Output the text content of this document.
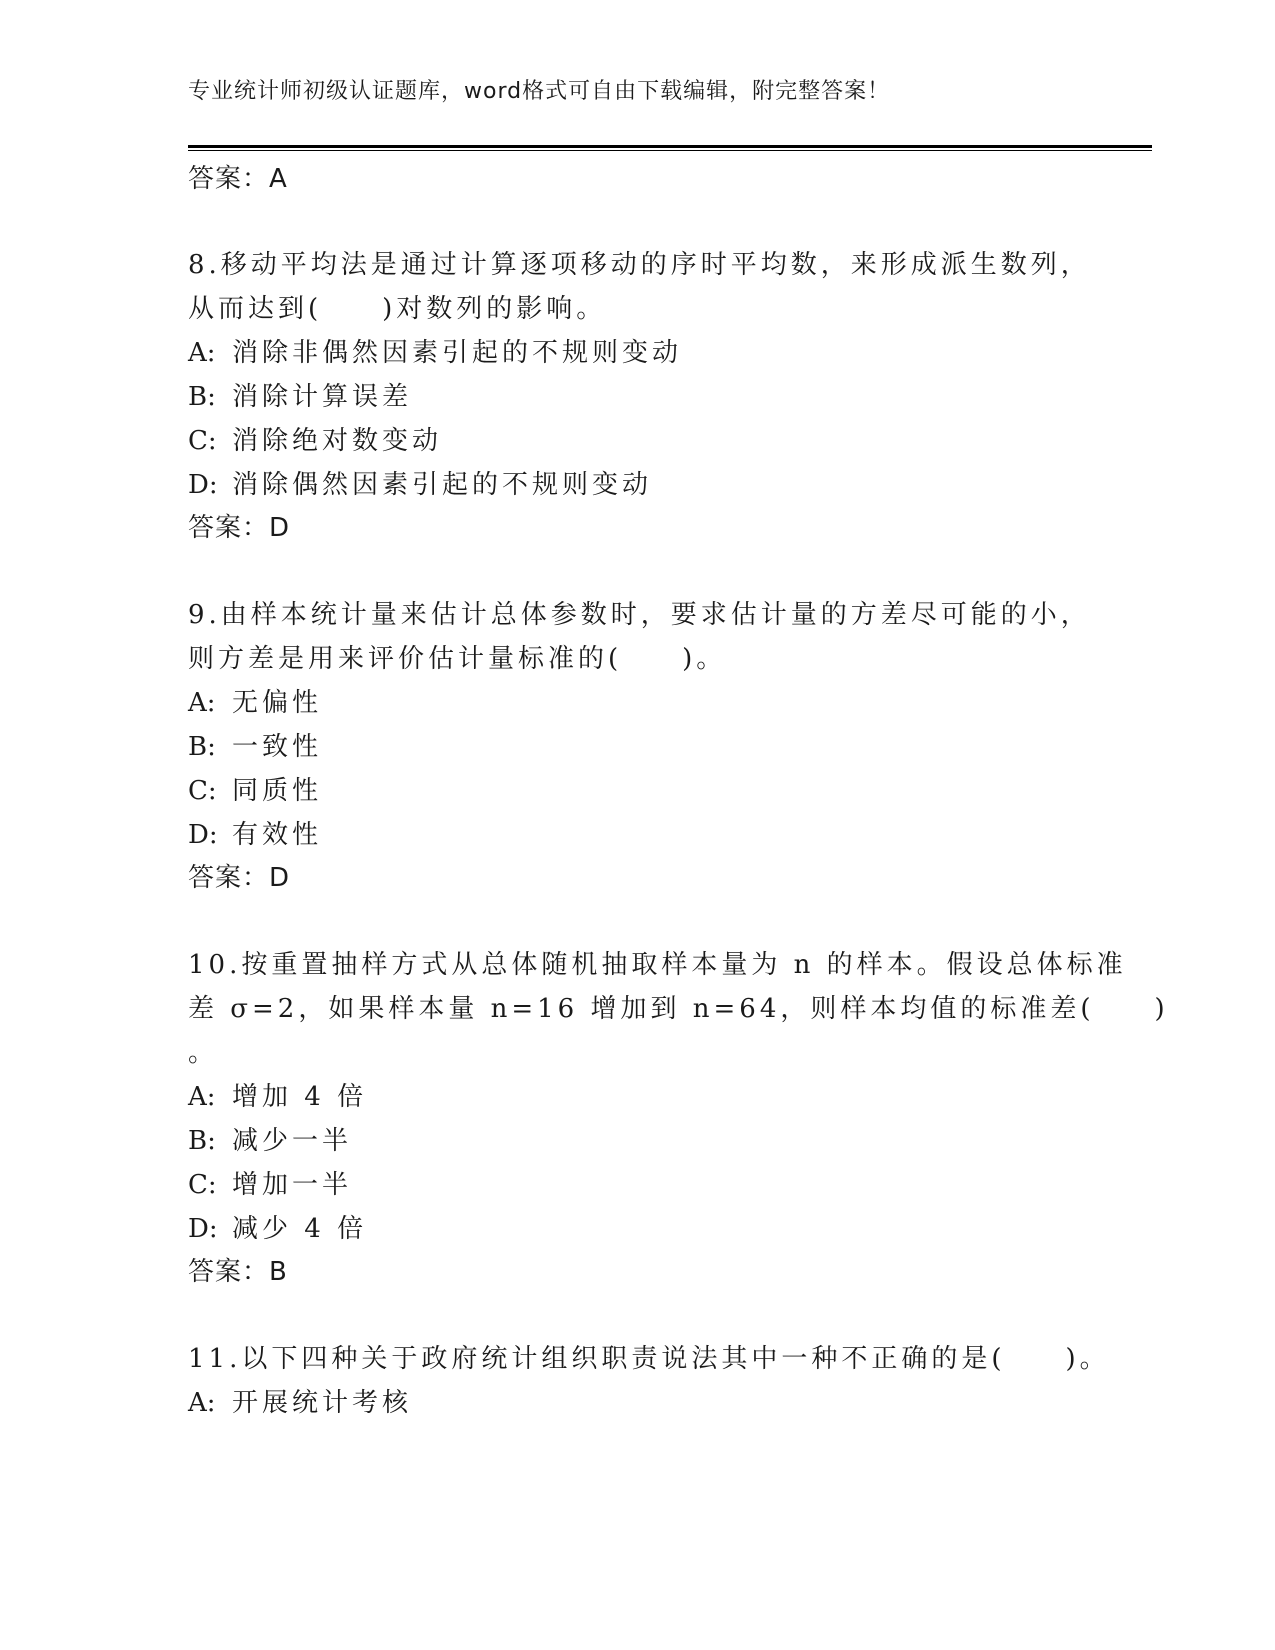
专业统计师初级认证题库，word格式可自由下载编辑，附完整答案！
答案：A
8.移动平均法是通过计算逐项移动的序时平均数，来形成派生数列，
从而达到(　　)对数列的影响。
A: 消除非偶然因素引起的不规则变动
B: 消除计算误差
C: 消除绝对数变动
D: 消除偶然因素引起的不规则变动
答案：D
9.由样本统计量来估计总体参数时，要求估计量的方差尽可能的小，
则方差是用来评价估计量标准的(　　)。
A: 无偏性
B: 一致性
C: 同质性
D: 有效性
答案：D
10.按重置抽样方式从总体随机抽取样本量为 n 的样本。假设总体标准
差 σ=2，如果样本量 n=16 增加到 n=64，则样本均值的标准差(　　)
。
A: 增加 4 倍
B: 减少一半
C: 增加一半
D: 减少 4 倍
答案：B
11.以下四种关于政府统计组织职责说法其中一种不正确的是(　　)。
A: 开展统计考核
